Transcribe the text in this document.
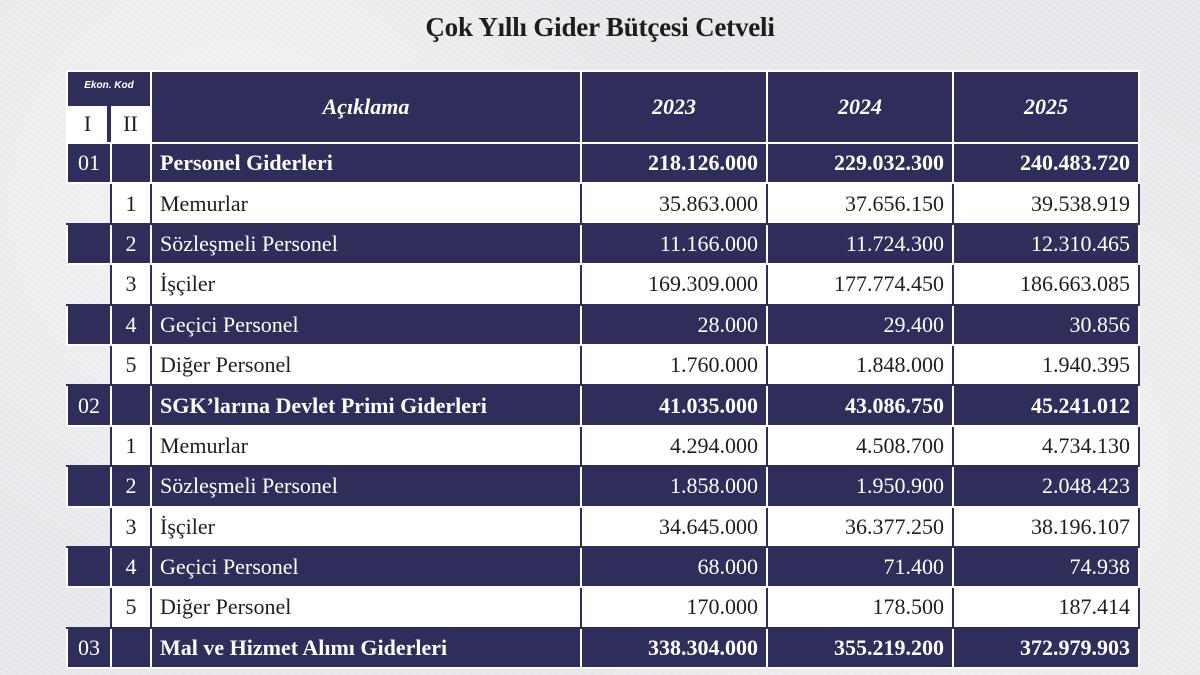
Çok Yıllı Gider Bütçesi Cetveli
Ekon. Kod
I II		Açıklama	2023	2024	2025
01		Personel Giderleri	218.126.000	229.032.300	240.483.720
	1	Memurlar	35.863.000	37.656.150	39.538.919
	2	Sözleşmeli Personel	11.166.000	11.724.300	12.310.465
	3	İşçiler	169.309.000	177.774.450	186.663.085
	4	Geçici Personel	28.000	29.400	30.856
	5	Diğer Personel	1.760.000	1.848.000	1.940.395
02		SGK’larına Devlet Primi Giderleri	41.035.000	43.086.750	45.241.012
	1	Memurlar	4.294.000	4.508.700	4.734.130
	2	Sözleşmeli Personel	1.858.000	1.950.900	2.048.423
	3	İşçiler	34.645.000	36.377.250	38.196.107
	4	Geçici Personel	68.000	71.400	74.938
	5	Diğer Personel	170.000	178.500	187.414
03		Mal ve Hizmet Alımı Giderleri	338.304.000	355.219.200	372.979.903
